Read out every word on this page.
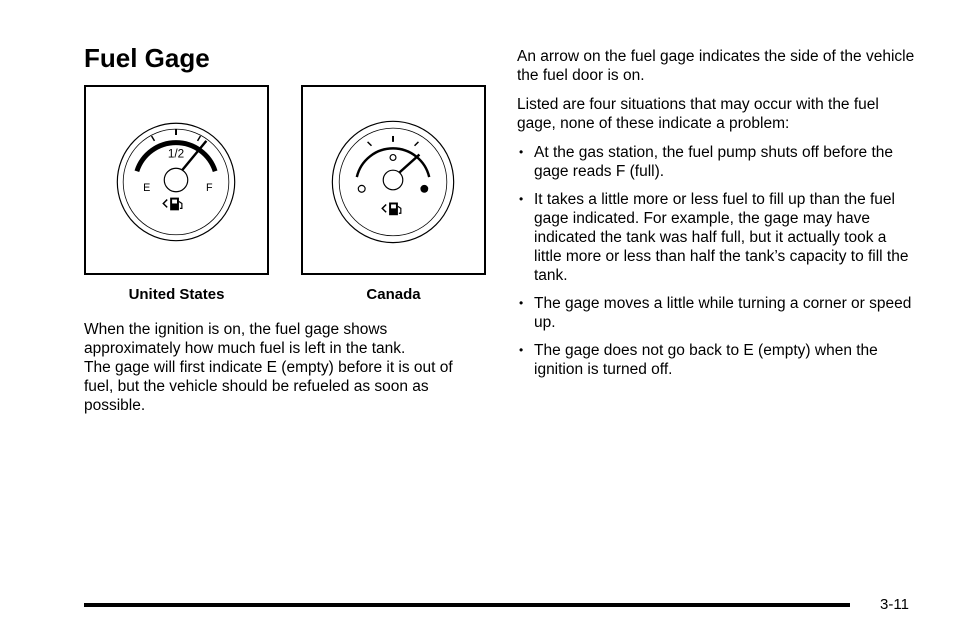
Fuel Gage
1/2
E	F
United States	Canada

When the ignition is on, the fuel gage shows approximately how much fuel is left in the tank.

The gage will first indicate E (empty) before it is out of fuel, but the vehicle should be refueled as soon as possible.

An arrow on the fuel gage indicates the side of the vehicle the fuel door is on.

Listed are four situations that may occur with the fuel gage, none of these indicate a problem:

• At the gas station, the fuel pump shuts off before the gage reads F (full).
• It takes a little more or less fuel to fill up than the fuel gage indicated. For example, the gage may have indicated the tank was half full, but it actually took a little more or less than half the tank’s capacity to fill the tank.
• The gage moves a little while turning a corner or speed up.
• The gage does not go back to E (empty) when the ignition is turned off.
3-11
